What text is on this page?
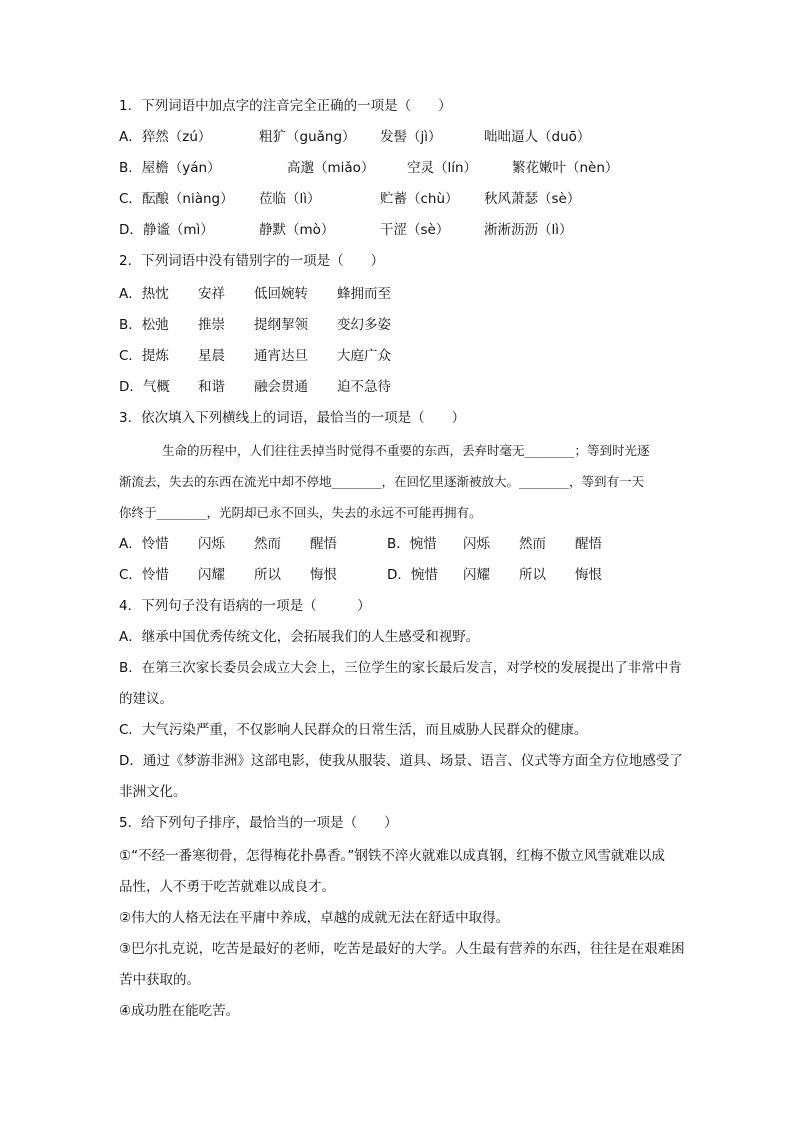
1．下列词语中加点字的注音完全正确的一项是（　　）
A．猝然（zú）	粗犷（guǎng） 发髻（jì）	咄咄逼人（duō）
B．屋檐（yán）	高邈（miǎo） 空灵（lín）	繁花嫩叶（nèn）
C．酝酿（niàng） 莅临（lì）	贮蓄（chù） 秋风萧瑟（sè）
D．静谧（mì）	静默（mò）	干涩（sè）	淅淅沥沥（lì）
2．下列词语中没有错别字的一项是（　　）
A．热忱 安祥 低回婉转 蜂拥而至
B．松弛 推崇 提纲挈领 变幻多姿
C．提炼 星晨 通宵达旦 大庭广众
D．气概 和谐 融会贯通 迫不急待
3．依次填入下列横线上的词语，最恰当的一项是（　　）
生命的历程中，人们往往丢掉当时觉得不重要的东西，丢弃时毫无________；等到时光逐
渐流去，失去的东西在流光中却不停地________，在回忆里逐渐被放大。________，等到有一天
你终于________，光阴却已永不回头，失去的永远不可能再拥有。
A．怜惜 闪烁 然而 醒悟	B．惋惜 闪烁 然而 醒悟
C．怜惜 闪耀 所以 悔恨	D．惋惜 闪耀 所以 悔恨
4．下列句子没有语病的一项是（　　　）
A．继承中国优秀传统文化，会拓展我们的人生感受和视野。
B．在第三次家长委员会成立大会上，三位学生的家长最后发言，对学校的发展提出了非常中肯
的建议。
C．大气污染严重，不仅影响人民群众的日常生活，而且威胁人民群众的健康。
D．通过《梦游非洲》这部电影，使我从服装、道具、场景、语言、仪式等方面全方位地感受了
非洲文化。
5．给下列句子排序，最恰当的一项是（　　）
①“不经一番寒彻骨，怎得梅花扑鼻香。”钢铁不淬火就难以成真钢，红梅不傲立风雪就难以成
品性，人不勇于吃苦就难以成良才。
②伟大的人格无法在平庸中养成，卓越的成就无法在舒适中取得。
③巴尔扎克说，吃苦是最好的老师，吃苦是最好的大学。人生最有营养的东西，往往是在艰难困
苦中获取的。
④成功胜在能吃苦。
